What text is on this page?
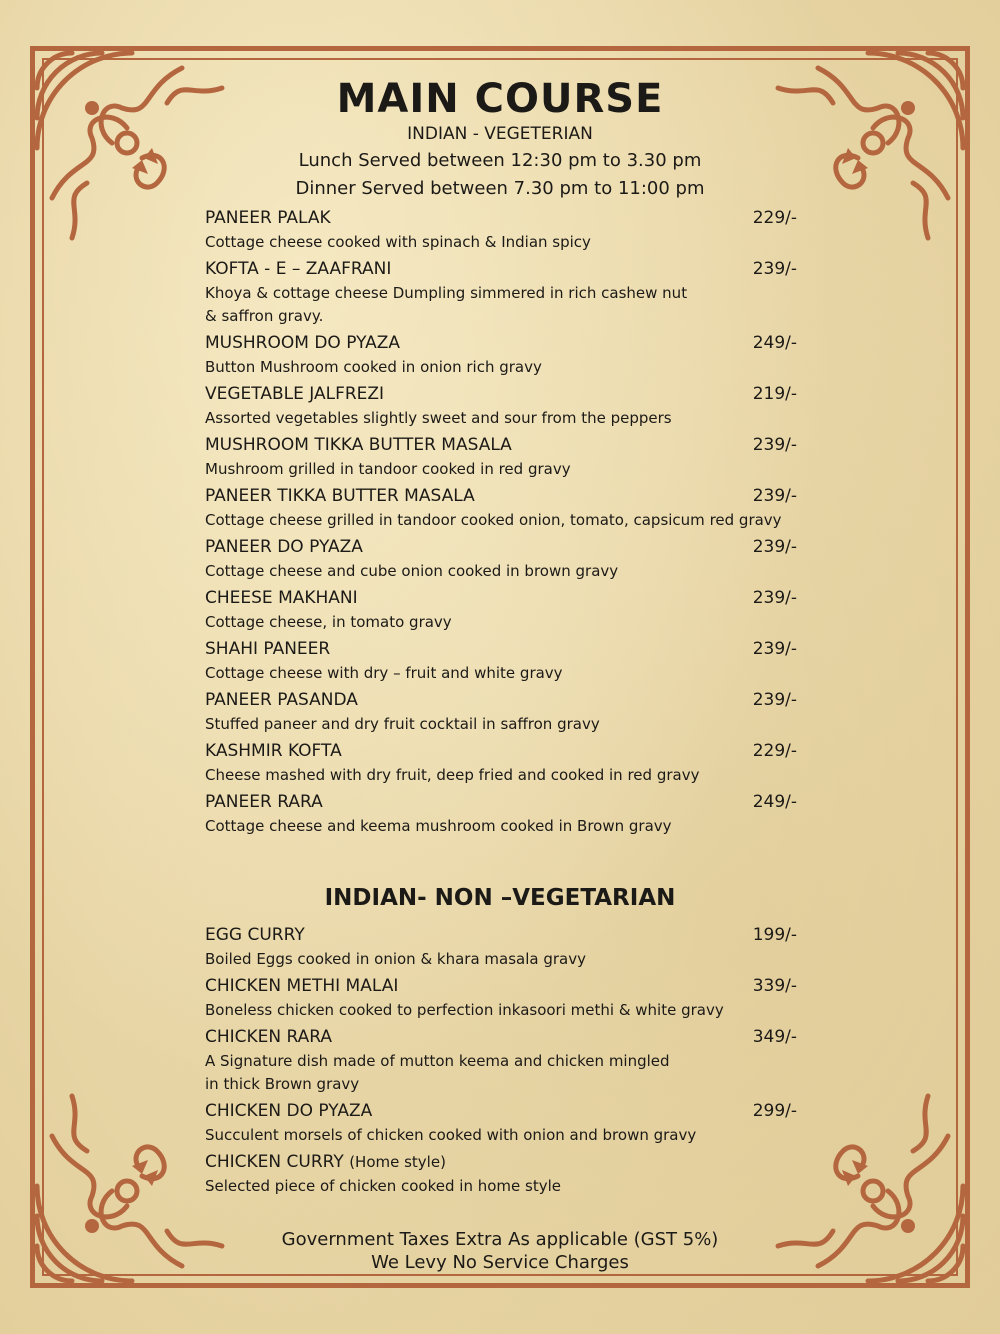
MAIN COURSE
INDIAN - VEGETERIAN
Lunch Served between 12:30 pm to 3.30 pm
Dinner Served between 7.30 pm to 11:00 pm
PANEER PALAK	229/-
Cottage cheese cooked with spinach & Indian spicy
KOFTA - E – ZAAFRANI	239/-
Khoya & cottage cheese Dumpling simmered in rich cashew nut
& saffron gravy.
MUSHROOM DO PYAZA	249/-
Button Mushroom cooked in onion rich gravy
VEGETABLE JALFREZI	219/-
Assorted vegetables slightly sweet and sour from the peppers
MUSHROOM TIKKA BUTTER MASALA	239/-
Mushroom grilled in tandoor cooked in red gravy
PANEER TIKKA BUTTER MASALA	239/-
Cottage cheese grilled in tandoor cooked onion, tomato, capsicum red gravy
PANEER DO PYAZA	239/-
Cottage cheese and cube onion cooked in brown gravy
CHEESE MAKHANI	239/-
Cottage cheese, in tomato gravy
SHAHI PANEER	239/-
Cottage cheese with dry – fruit and white gravy
PANEER PASANDA	239/-
Stuffed paneer and dry fruit cocktail in saffron gravy
KASHMIR KOFTA	229/-
Cheese mashed with dry fruit, deep fried and cooked in red gravy
PANEER RARA	249/-
Cottage cheese and keema mushroom cooked in Brown gravy
INDIAN- NON –VEGETARIAN
EGG CURRY	199/-
Boiled Eggs cooked in onion & khara masala gravy
CHICKEN METHI MALAI	339/-
Boneless chicken cooked to perfection inkasoori methi & white gravy
CHICKEN RARA	349/-
A Signature dish made of mutton keema and chicken mingled
in thick Brown gravy
CHICKEN DO PYAZA	299/-
Succulent morsels of chicken cooked with onion and brown gravy
CHICKEN CURRY (Home style)
Selected piece of chicken cooked in home style
Government Taxes Extra As applicable (GST 5%)
We Levy No Service Charges
